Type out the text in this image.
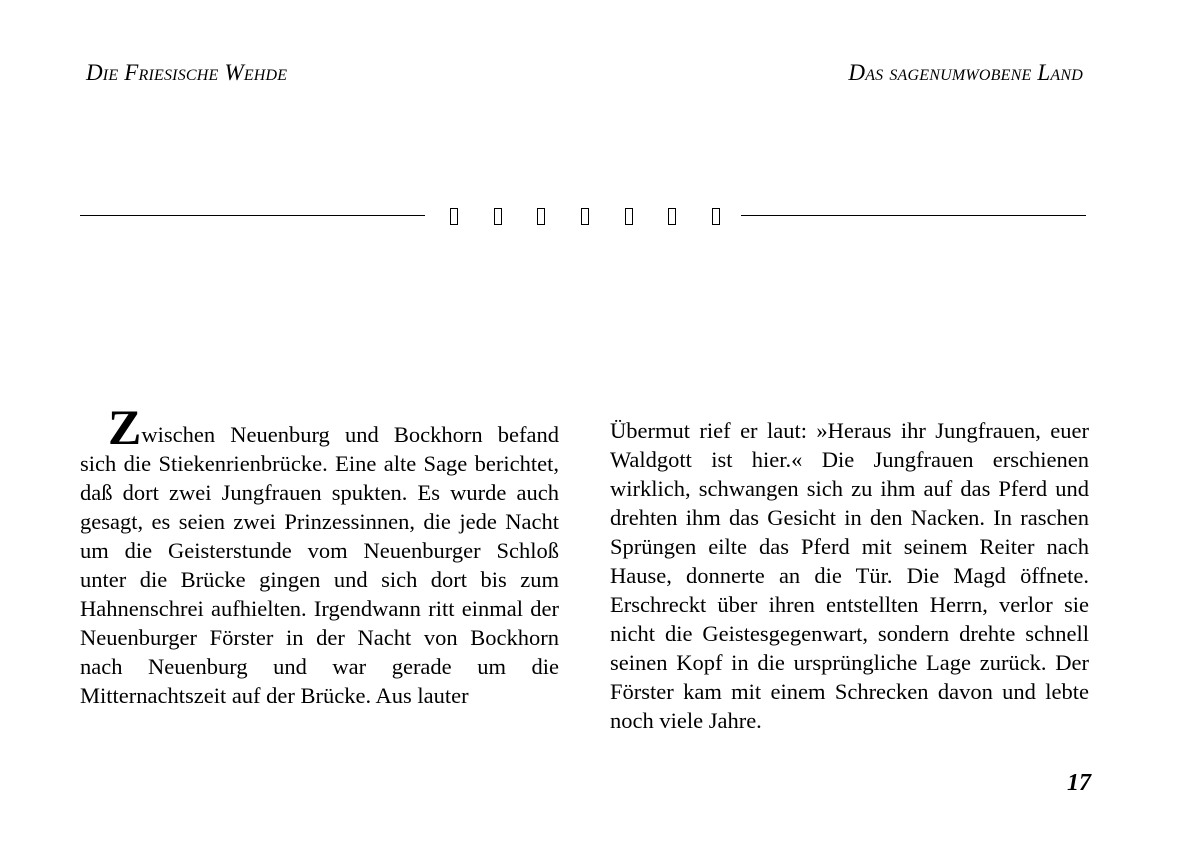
Die Friesische Wehde	Das sagenumwobene Land
Zwischen Neuenburg und Bockhorn befand sich die Stiekenrienbrücke. Eine alte Sage berichtet, daß dort zwei Jungfrauen spukten. Es wurde auch gesagt, es seien zwei Prinzessinnen, die jede Nacht um die Geisterstunde vom Neuenburger Schloß unter die Brücke gingen und sich dort bis zum Hahnenschrei aufhielten. Irgendwann ritt einmal der Neuenburger Förster in der Nacht von Bockhorn nach Neuenburg und war gerade um die Mitternachtszeit auf der Brücke. Aus lauter
Übermut rief er laut: »Heraus ihr Jungfrauen, euer Waldgott ist hier.« Die Jungfrauen erschienen wirklich, schwangen sich zu ihm auf das Pferd und drehten ihm das Gesicht in den Nacken. In raschen Sprüngen eilte das Pferd mit seinem Reiter nach Hause, donnerte an die Tür. Die Magd öffnete. Erschreckt über ihren entstellten Herrn, verlor sie nicht die Geistesgegenwart, sondern drehte schnell seinen Kopf in die ursprüngliche Lage zurück. Der Förster kam mit einem Schrecken davon und lebte noch viele Jahre.
17
